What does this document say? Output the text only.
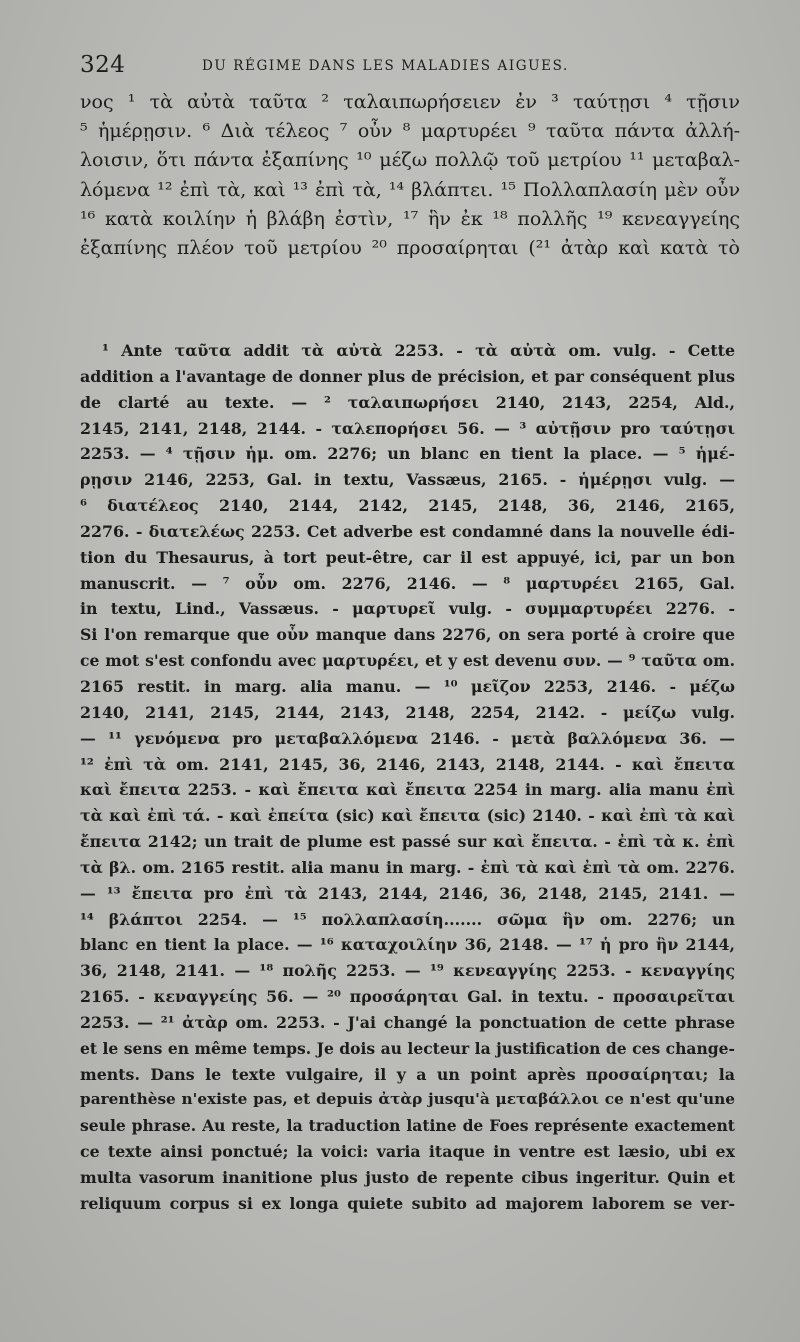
324	DU RÉGIME DANS LES MALADIES AIGUES.
νος ¹ τὰ αὐτὰ ταῦτα ² ταλαιπωρήσειεν ἐν ³ ταύτῃσι ⁴ τῇσιν
⁵ ἡμέρῃσιν. ⁶ Διὰ τέλεος ⁷ οὖν ⁸ μαρτυρέει ⁹ ταῦτα πάντα ἀλλή-
λοισιν, ὅτι πάντα ἐξαπίνης ¹⁰ μέζω πολλῷ τοῦ μετρίου ¹¹ μεταβαλ-
λόμενα ¹² ἐπὶ τὰ, καὶ ¹³ ἐπὶ τὰ, ¹⁴ βλάπτει. ¹⁵ Πολλαπλασίη μὲν οὖν
¹⁶ κατὰ κοιλίην ἡ βλάβη ἐστὶν, ¹⁷ ἣν ἐκ ¹⁸ πολλῆς ¹⁹ κενεαγγείης
ἐξαπίνης πλέον τοῦ μετρίου ²⁰ προσαίρηται (²¹ ἀτὰρ καὶ κατὰ τὸ
¹ Ante ταῦτα addit τὰ αὐτὰ 2253. - τὰ αὐτὰ om. vulg. - Cette
addition a l'avantage de donner plus de précision, et par conséquent plus
de clarté au texte. — ² ταλαιπωρήσει 2140, 2143, 2254, Ald.,
2145, 2141, 2148, 2144. - ταλεπορήσει 56. — ³ αὐτῇσιν pro ταύτῃσι
2253. — ⁴ τῇσιν ἡμ. om. 2276; un blanc en tient la place. — ⁵ ἡμέ-
ρῃσιν 2146, 2253, Gal. in textu, Vassæus, 2165. - ἡμέρῃσι vulg. —
⁶ διατέλεος 2140, 2144, 2142, 2145, 2148, 36, 2146, 2165,
2276. - διατελέως 2253. Cet adverbe est condamné dans la nouvelle édi-
tion du Thesaurus, à tort peut-être, car il est appuyé, ici, par un bon
manuscrit. — ⁷ οὖν om. 2276, 2146. — ⁸ μαρτυρέει 2165, Gal.
in textu, Lind., Vassæus. - μαρτυρεῖ vulg. - συμμαρτυρέει 2276. -
Si l'on remarque que οὖν manque dans 2276, on sera porté à croire que
ce mot s'est confondu avec μαρτυρέει, et y est devenu συν. — ⁹ ταῦτα om.
2165 restit. in marg. alia manu. — ¹⁰ μεῖζον 2253, 2146. - μέζω
2140, 2141, 2145, 2144, 2143, 2148, 2254, 2142. - μείζω vulg.
— ¹¹ γενόμενα pro μεταβαλλόμενα 2146. - μετὰ βαλλόμενα 36. —
¹² ἐπὶ τὰ om. 2141, 2145, 36, 2146, 2143, 2148, 2144. - καὶ ἔπειτα
καὶ ἔπειτα 2253. - καὶ ἔπειτα καὶ ἔπειτα 2254 in marg. alia manu ἐπὶ
τὰ καὶ ἐπὶ τά. - καὶ ἐπείτα (sic) καὶ ἔπειτα (sic) 2140. - καὶ ἐπὶ τὰ καὶ
ἔπειτα 2142; un trait de plume est passé sur καὶ ἔπειτα. - ἐπὶ τὰ κ. ἐπὶ
τὰ βλ. om. 2165 restit. alia manu in marg. - ἐπὶ τὰ καὶ ἐπὶ τὰ om. 2276.
— ¹³ ἔπειτα pro ἐπὶ τὰ 2143, 2144, 2146, 36, 2148, 2145, 2141. —
¹⁴ βλάπτοι 2254. — ¹⁵ πολλαπλασίη....... σῶμα ἣν om. 2276; un
blanc en tient la place. — ¹⁶ καταχοιλίην 36, 2148. — ¹⁷ ἡ pro ἣν 2144,
36, 2148, 2141. — ¹⁸ πολῆς 2253. — ¹⁹ κενεαγγίης 2253. - κεναγγίης
2165. - κεναγγείης 56. — ²⁰ προσάρηται Gal. in textu. - προσαιρεῖται
2253. — ²¹ ἀτὰρ om. 2253. - J'ai changé la ponctuation de cette phrase
et le sens en même temps. Je dois au lecteur la justification de ces change-
ments. Dans le texte vulgaire, il y a un point après προσαίρηται; la
parenthèse n'existe pas, et depuis ἀτὰρ jusqu'à μεταβάλλοι ce n'est qu'une
seule phrase. Au reste, la traduction latine de Foes représente exactement
ce texte ainsi ponctué; la voici: varia itaque in ventre est læsio, ubi ex
multa vasorum inanitione plus justo de repente cibus ingeritur. Quin et
reliquum corpus si ex longa quiete subito ad majorem laborem se ver-
